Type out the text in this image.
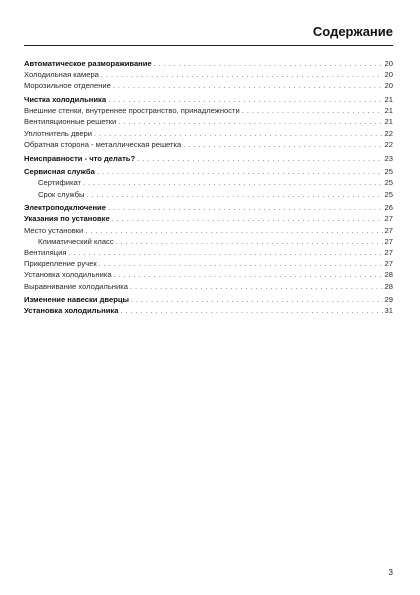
Содержание
Автоматическое размораживание . . .	20
Холодильная камера . . .	20
Морозильное отделение . . .	20
Чистка холодильника . . .	21
Внешние стенки, внутреннее пространство, принадлежности . . .	21
Вентиляционные решетки . . .	21
Уплотнитель двери . . .	22
Обратная сторона - металлическая решетка . . .	22
Неисправности - что делать? . . .	23
Сервисная служба . . .	25
Сертификат . . .	25
Срок службы . . .	25
Электроподключение . . .	26
Указания по установке . . .	27
Место установки . . .	27
Климатический класс . . .	27
Вентиляция . . .	27
Прикрепление ручек . . .	27
Установка холодильника . . .	28
Выравнивание холодильника . . .	28
Изменение навески дверцы . . .	29
Установка холодильника . . .	31
3
